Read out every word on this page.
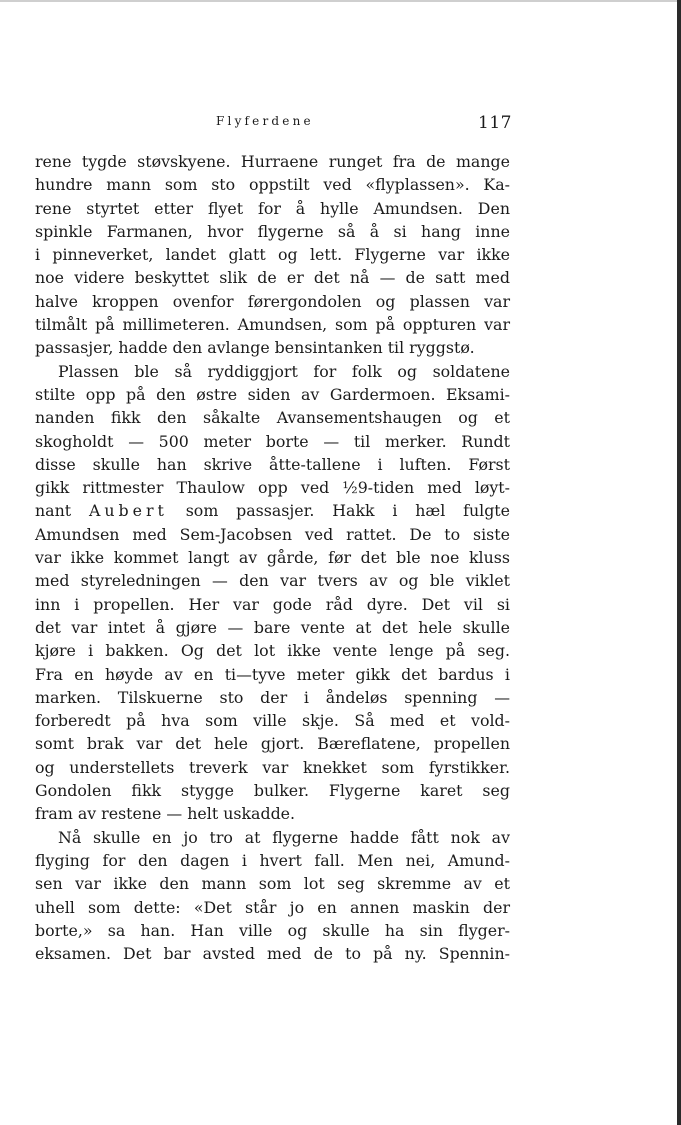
Flyferdene	117
rene tygde støvskyene. Hurraene runget fra de mange
hundre mann som sto oppstilt ved «flyplassen». Ka-
rene styrtet etter flyet for å hylle Amundsen. Den
spinkle Farmanen, hvor flygerne så å si hang inne
i pinneverket, landet glatt og lett. Flygerne var ikke
noe videre beskyttet slik de er det nå — de satt med
halve kroppen ovenfor førergondolen og plassen var
tilmålt på millimeteren. Amundsen, som på oppturen var
passasjer, hadde den avlange bensintanken til ryggstø.
Plassen ble så ryddiggjort for folk og soldatene
stilte opp på den østre siden av Gardermoen. Eksami-
nanden fikk den såkalte Avansementshaugen og et
skogholdt — 500 meter borte — til merker. Rundt
disse skulle han skrive åtte-tallene i luften. Først
gikk rittmester Thaulow opp ved ½9-tiden med løyt-
nant Aubert som passasjer. Hakk i hæl fulgte
Amundsen med Sem-Jacobsen ved rattet. De to siste
var ikke kommet langt av gårde, før det ble noe kluss
med styreledningen — den var tvers av og ble viklet
inn i propellen. Her var gode råd dyre. Det vil si
det var intet å gjøre — bare vente at det hele skulle
kjøre i bakken. Og det lot ikke vente lenge på seg.
Fra en høyde av en ti—tyve meter gikk det bardus i
marken. Tilskuerne sto der i åndeløs spenning —
forberedt på hva som ville skje. Så med et vold-
somt brak var det hele gjort. Bæreflatene, propellen
og understellets treverk var knekket som fyrstikker.
Gondolen fikk stygge bulker. Flygerne karet seg
fram av restene — helt uskadde.
Nå skulle en jo tro at flygerne hadde fått nok av
flyging for den dagen i hvert fall. Men nei, Amund-
sen var ikke den mann som lot seg skremme av et
uhell som dette: «Det står jo en annen maskin der
borte,» sa han. Han ville og skulle ha sin flyger-
eksamen. Det bar avsted med de to på ny. Spennin-
